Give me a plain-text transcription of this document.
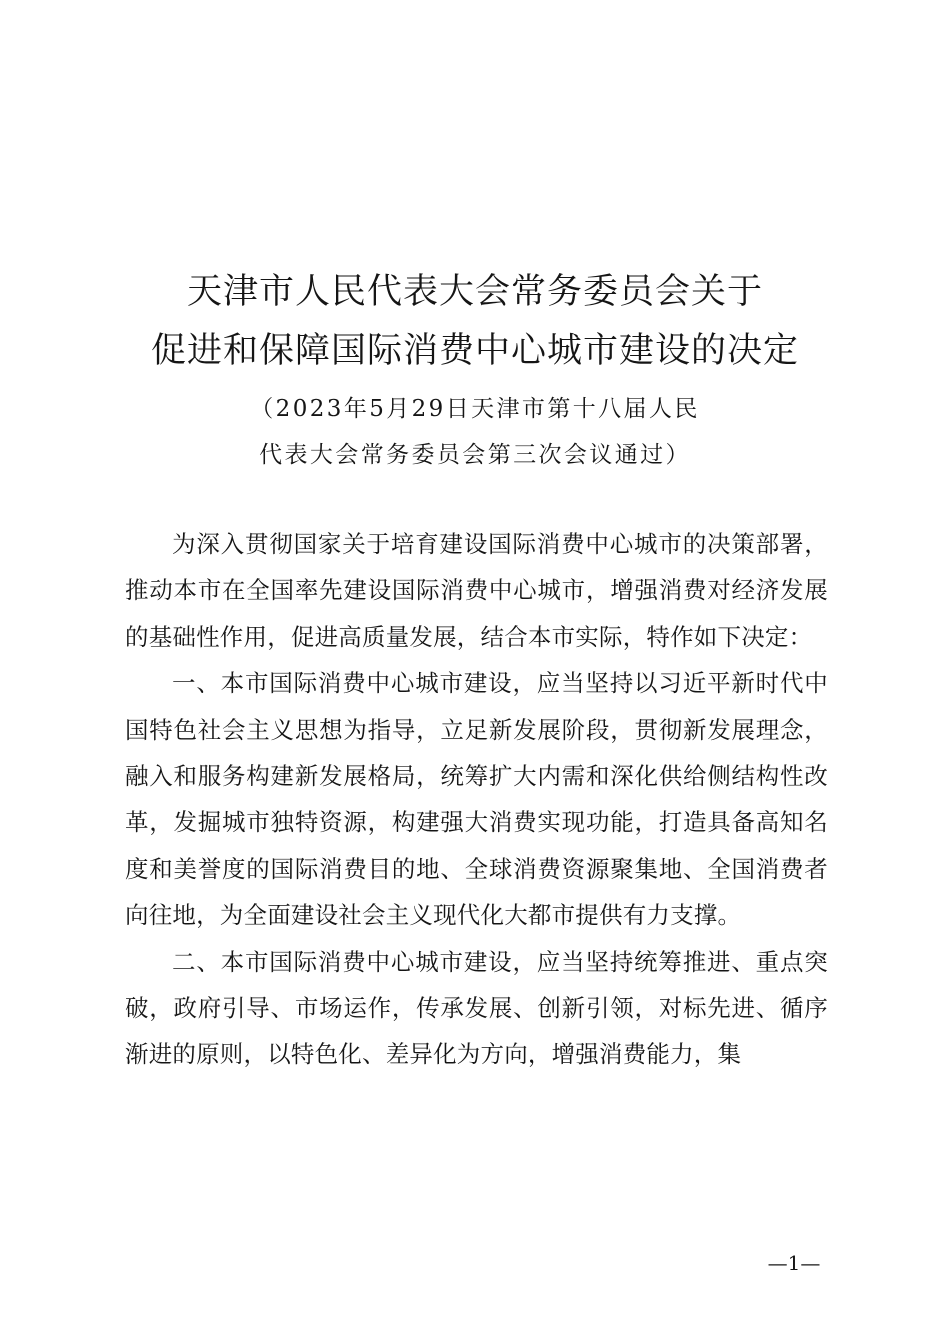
天津市人民代表大会常务委员会关于
促进和保障国际消费中心城市建设的决定
（2023年5月29日天津市第十八届人民
代表大会常务委员会第三次会议通过）

为深入贯彻国家关于培育建设国际消费中心城市的决策部署，推动本市在全国率先建设国际消费中心城市，增强消费对经济发展的基础性作用，促进高质量发展，结合本市实际，特作如下决定：

一、本市国际消费中心城市建设，应当坚持以习近平新时代中国特色社会主义思想为指导，立足新发展阶段，贯彻新发展理念，融入和服务构建新发展格局，统筹扩大内需和深化供给侧结构性改革，发掘城市独特资源，构建强大消费实现功能，打造具备高知名度和美誉度的国际消费目的地、全球消费资源聚集地、全国消费者向往地，为全面建设社会主义现代化大都市提供有力支撑。

二、本市国际消费中心城市建设，应当坚持统筹推进、重点突破，政府引导、市场运作，传承发展、创新引领，对标先进、循序渐进的原则，以特色化、差异化为方向，增强消费能力，集

—1—
